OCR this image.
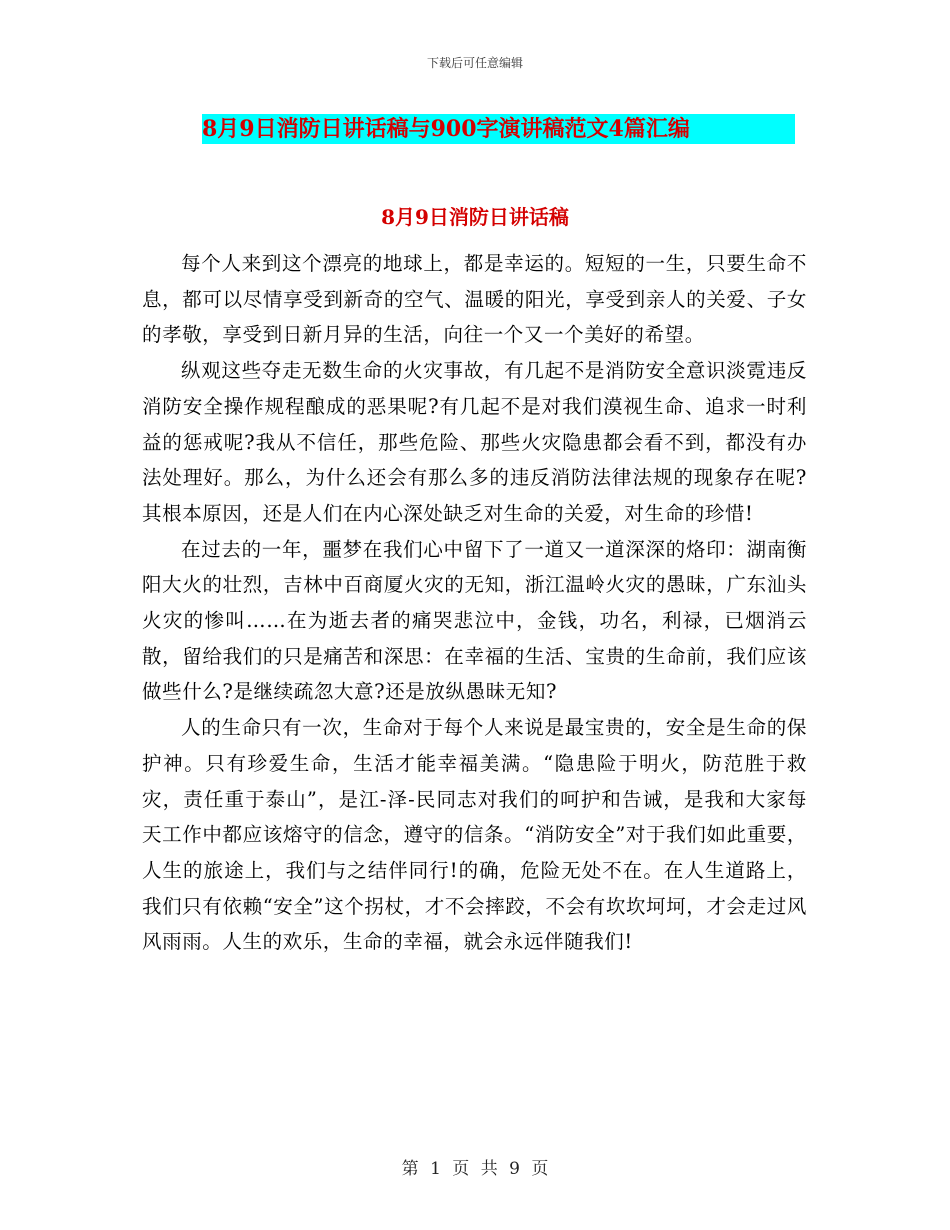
下载后可任意编辑
8月9日消防日讲话稿与900字演讲稿范文4篇汇编
8月9日消防日讲话稿

每个人来到这个漂亮的地球上，都是幸运的。短短的一生，只要生命不息，都可以尽情享受到新奇的空气、温暖的阳光，享受到亲人的关爱、子女的孝敬，享受到日新月异的生活，向往一个又一个美好的希望。

纵观这些夺走无数生命的火灾事故，有几起不是消防安全意识淡霓违反消防安全操作规程酿成的恶果呢?有几起不是对我们漠视生命、追求一时利益的惩戒呢?我从不信任，那些危险、那些火灾隐患都会看不到，都没有办法处理好。那么，为什么还会有那么多的违反消防法律法规的现象存在呢?其根本原因，还是人们在内心深处缺乏对生命的关爱，对生命的珍惜!

在过去的一年，噩梦在我们心中留下了一道又一道深深的烙印：湖南衡阳大火的壮烈，吉林中百商厦火灾的无知，浙江温岭火灾的愚昧，广东汕头火灾的惨叫……在为逝去者的痛哭悲泣中，金钱，功名，利禄，已烟消云散，留给我们的只是痛苦和深思：在幸福的生活、宝贵的生命前，我们应该做些什么?是继续疏忽大意?还是放纵愚昧无知?

人的生命只有一次，生命对于每个人来说是最宝贵的，安全是生命的保护神。只有珍爱生命，生活才能幸福美满。“隐患险于明火，防范胜于救灾，责任重于泰山”，是江-泽-民同志对我们的呵护和告诫，是我和大家每天工作中都应该熔守的信念，遵守的信条。“消防安全”对于我们如此重要，人生的旅途上，我们与之结伴同行!的确，危险无处不在。在人生道路上，我们只有依赖“安全”这个拐杖，才不会摔跤，不会有坎坎坷坷，才会走过风风雨雨。人生的欢乐，生命的幸福，就会永远伴随我们!

第 1 页 共 9 页
